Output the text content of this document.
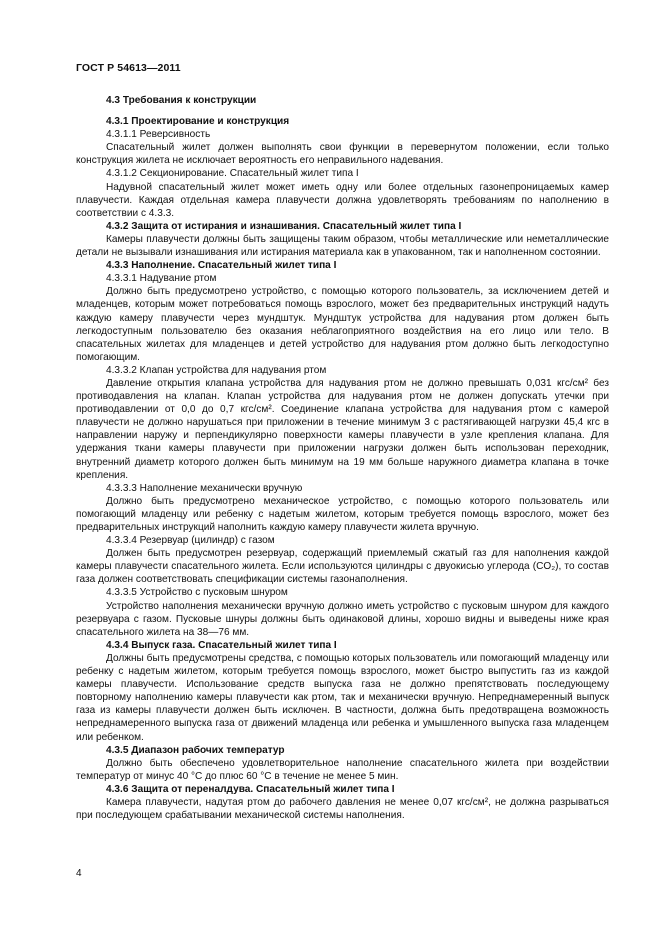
ГОСТ Р 54613—2011

4.3 Требования к конструкции

4.3.1 Проектирование и конструкция

4.3.1.1 Реверсивность

Спасательный жилет должен выполнять свои функции в перевернутом положении, если только конструкция жилета не исключает вероятность его неправильного надевания.

4.3.1.2 Секционирование. Спасательный жилет типа I

Надувной спасательный жилет может иметь одну или более отдельных газонепроницаемых камер плавучести. Каждая отдельная камера плавучести должна удовлетворять требованиям по наполнению в соответствии с 4.3.3.

4.3.2 Защита от истирания и изнашивания. Спасательный жилет типа I

Камеры плавучести должны быть защищены таким образом, чтобы металлические или неметаллические детали не вызывали изнашивания или истирания материала как в упакованном, так и наполненном состоянии.

4.3.3 Наполнение. Спасательный жилет типа I

4.3.3.1 Надувание ртом

Должно быть предусмотрено устройство, с помощью которого пользователь, за исключением детей и младенцев, которым может потребоваться помощь взрослого, может без предварительных инструкций надуть каждую камеру плавучести через мундштук. Мундштук устройства для надувания ртом должен быть легкодоступным пользователю без оказания неблагоприятного воздействия на его лицо или тело. В спасательных жилетах для младенцев и детей устройство для надувания ртом должно быть легкодоступно помогающим.

4.3.3.2 Клапан устройства для надувания ртом

Давление открытия клапана устройства для надувания ртом не должно превышать 0,031 кгс/см² без противодавления на клапан. Клапан устройства для надувания ртом не должен допускать утечки при противодавлении от 0,0 до 0,7 кгс/см². Соединение клапана устройства для надувания ртом с камерой плавучести не должно нарушаться при приложении в течение минимум 3 с растягивающей нагрузки 45,4 кгс в направлении наружу и перпендикулярно поверхности камеры плавучести в узле крепления клапана. Для удержания ткани камеры плавучести при приложении нагрузки должен быть использован переходник, внутренний диаметр которого должен быть минимум на 19 мм больше наружного диаметра клапана в точке крепления.

4.3.3.3 Наполнение механически вручную

Должно быть предусмотрено механическое устройство, с помощью которого пользователь или помогающий младенцу или ребенку с надетым жилетом, которым требуется помощь взрослого, может без предварительных инструкций наполнить каждую камеру плавучести жилета вручную.

4.3.3.4 Резервуар (цилиндр) с газом

Должен быть предусмотрен резервуар, содержащий приемлемый сжатый газ для наполнения каждой камеры плавучести спасательного жилета. Если используются цилиндры с двуокисью углерода (CO₂), то состав газа должен соответствовать спецификации системы газонаполнения.

4.3.3.5 Устройство с пусковым шнуром

Устройство наполнения механически вручную должно иметь устройство с пусковым шнуром для каждого резервуара с газом. Пусковые шнуры должны быть одинаковой длины, хорошо видны и выведены ниже края спасательного жилета на 38—76 мм.

4.3.4 Выпуск газа. Спасательный жилет типа I

Должны быть предусмотрены средства, с помощью которых пользователь или помогающий младенцу или ребенку с надетым жилетом, которым требуется помощь взрослого, может быстро выпустить газ из каждой камеры плавучести. Использование средств выпуска газа не должно препятствовать последующему повторному наполнению камеры плавучести как ртом, так и механически вручную. Непреднамеренный выпуск газа из камеры плавучести должен быть исключен. В частности, должна быть предотвращена возможность непреднамеренного выпуска газа от движений младенца или ребенка и умышленного выпуска газа младенцем или ребенком.

4.3.5 Диапазон рабочих температур

Должно быть обеспечено удовлетворительное наполнение спасательного жилета при воздействии температур от минус 40 °С до плюс 60 °С в течение не менее 5 мин.

4.3.6 Защита от переналдува. Спасательный жилет типа I

Камера плавучести, надутая ртом до рабочего давления не менее 0,07 кгс/см², не должна разрываться при последующем срабатывании механической системы наполнения.

4
